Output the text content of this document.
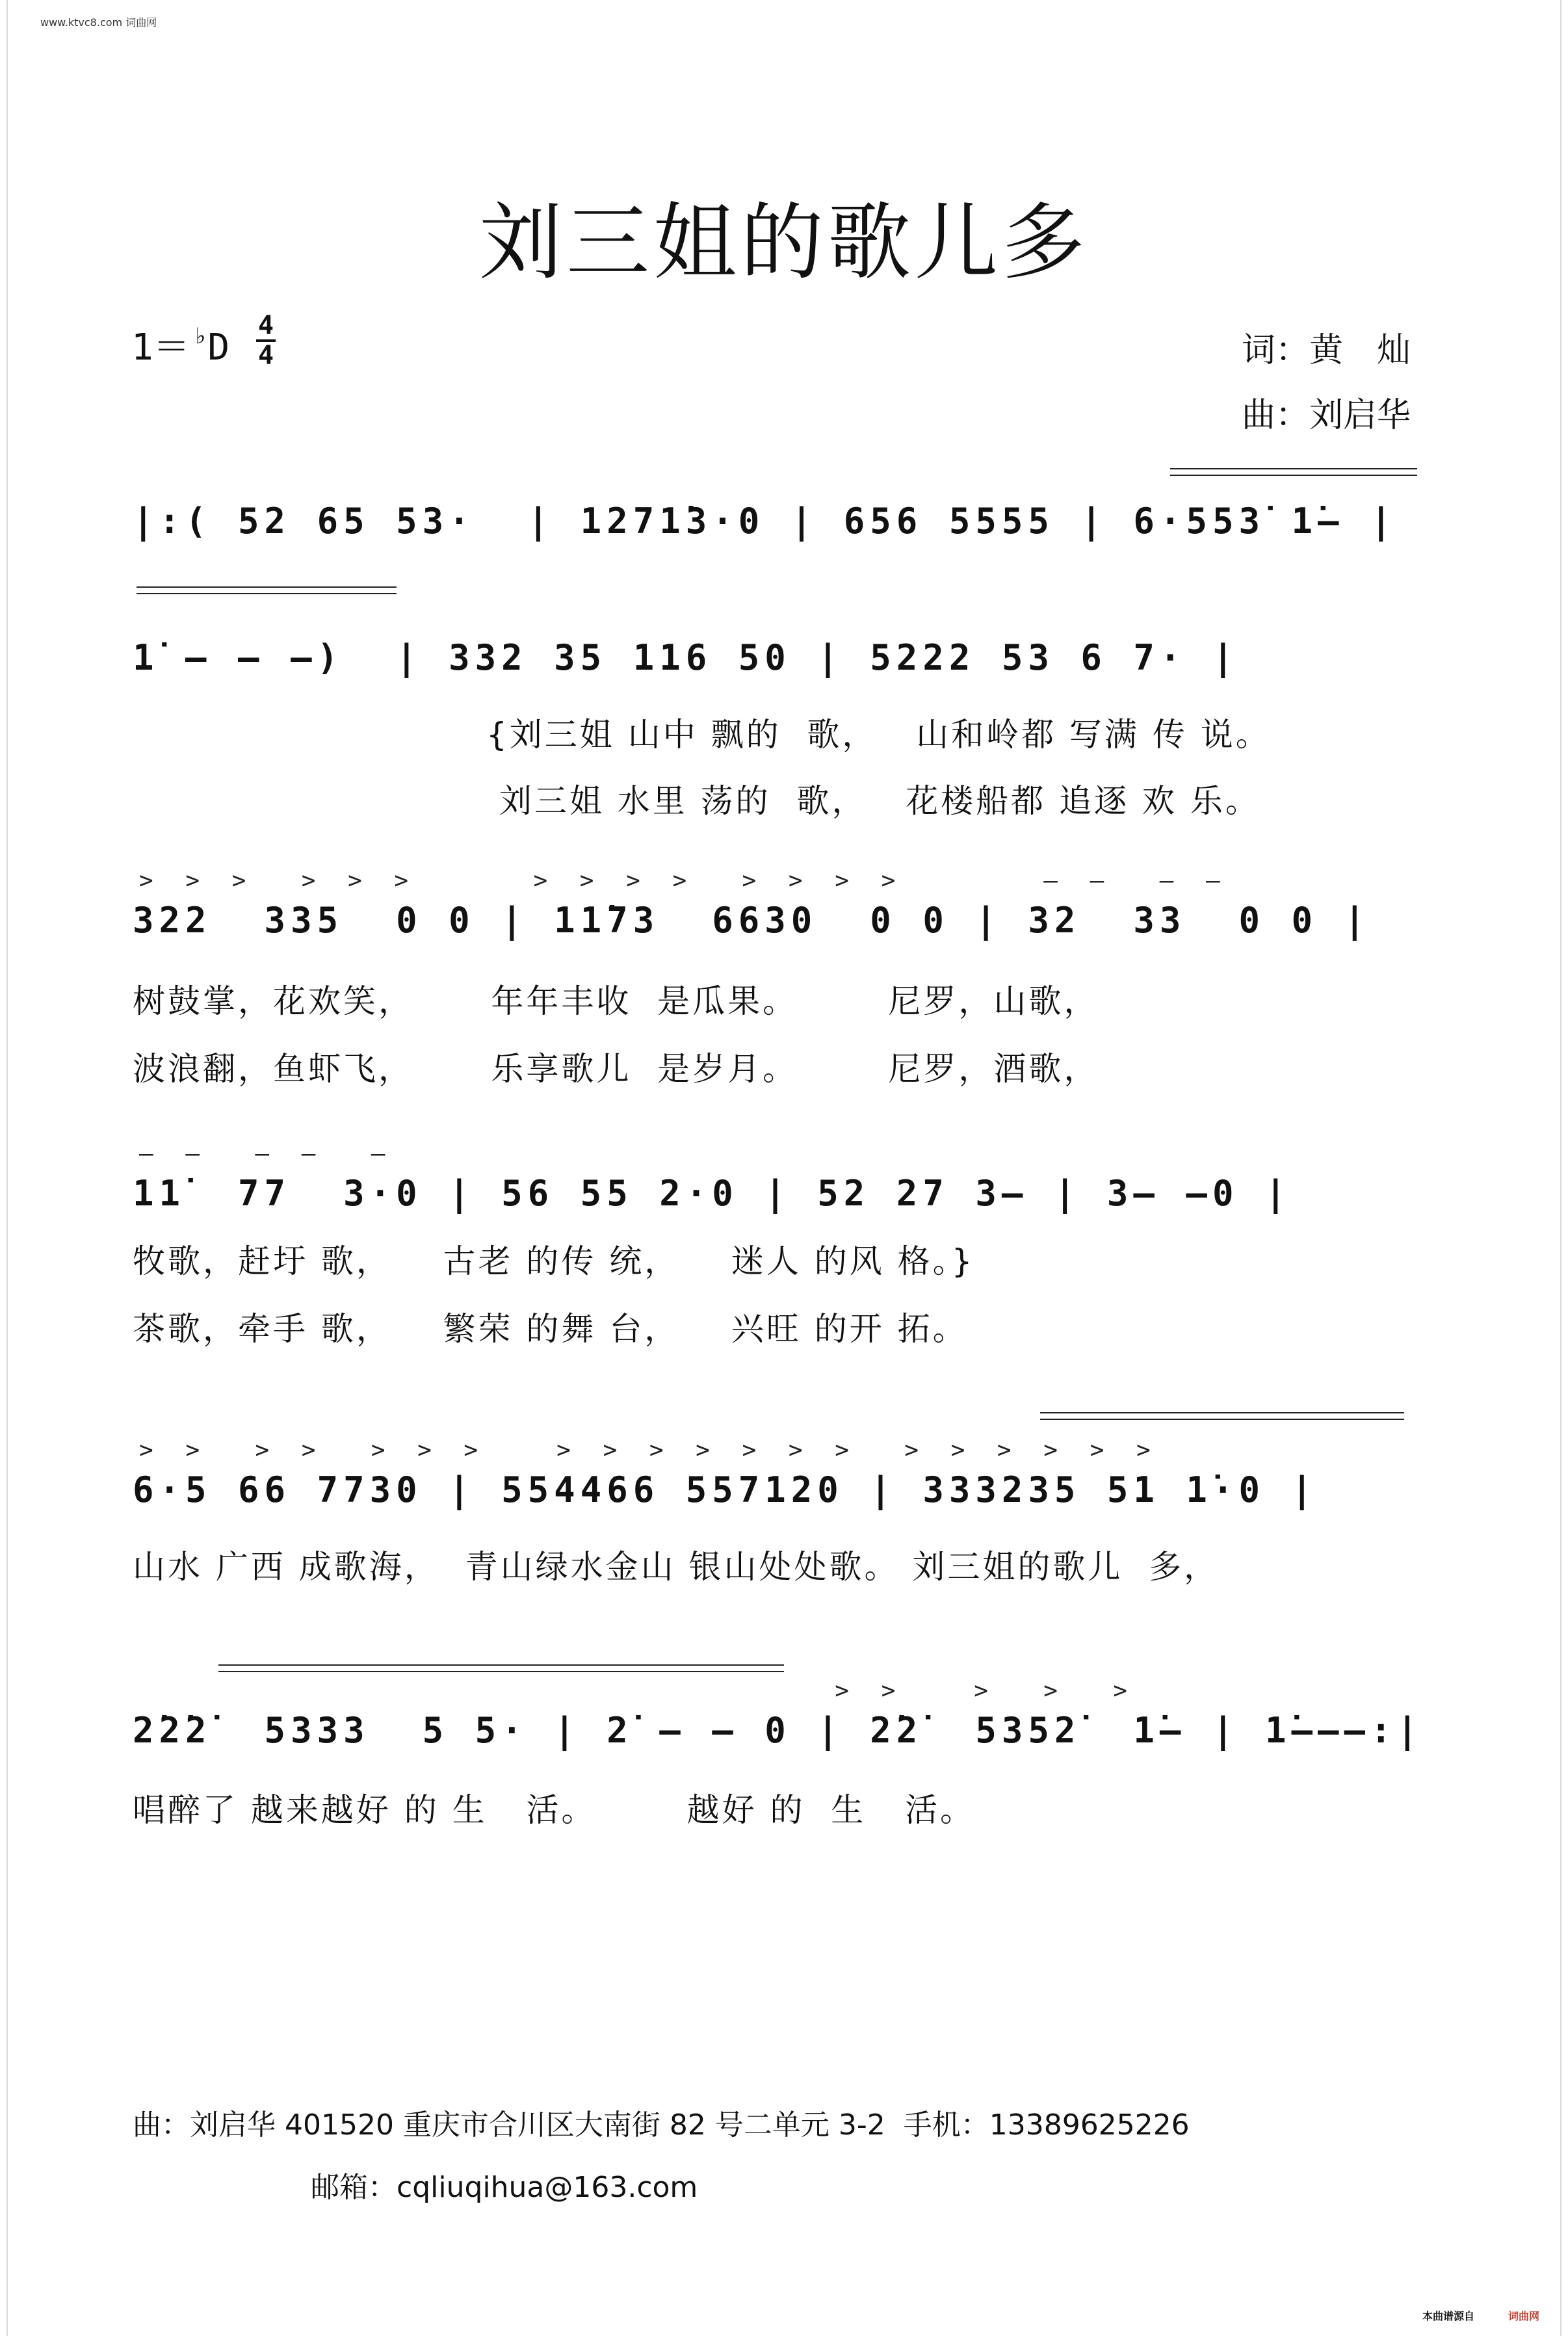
www.ktvc8.com 词曲网
刘三姐的歌儿多
1＝ ♭D
4
4	词：黄　灿
曲：刘启华
|:( 52 65 53·  | 1271̇3·0 | 656 5555 | 6·553̇ 1̇– |
1̇ – – –)  | 332 35 116 50 | 5222 53 6 7· |
{刘三姐 山中 飘的  歌，   山和岭都 写满 传 说。
刘三姐 水里 荡的  歌，   花楼船都 追逐 欢 乐。
> > >  > > >     > > > >  > > > >      — —  — —
322  335  0 0 | 11̇73  6630  0 0 | 32  33  0 0 |
树鼓掌，花欢笑，      年年丰收  是瓜果。       尼罗，山歌，
波浪翻，鱼虾飞，      乐享歌儿  是岁月。       尼罗，酒歌，
— —  — —  —
11̇  77  3·0 | 56 55 2·0 | 52 27 3– | 3– –0 |
牧歌，赶圩 歌，    古老 的传 统，    迷人 的风 格。}
茶歌，牵手 歌，    繁荣 的舞 台，    兴旺 的开 拓。
> >  > >  > > >   > > > > > > >  > > > > > >
6·5 66 7730 | 554466 557120 | 333235 51 1̇·0 |
山水 广西 成歌海，  青山绿水金山 银山处处歌。 刘三姐的歌儿  多，
> >   >  >  >
2̇2̇2̇  5333  5 5· | 2̇ – – 0 | 2̇2̇  5352̇  1̇– | 1̇–––:|
唱醉了 越来越好 的 生   活。       越好 的  生   活。
曲：刘启华 401520 重庆市合川区大南街 82 号二单元 3-2  手机：13389625226
邮箱：cqliuqihua@163.com
本曲谱源自	词曲网
